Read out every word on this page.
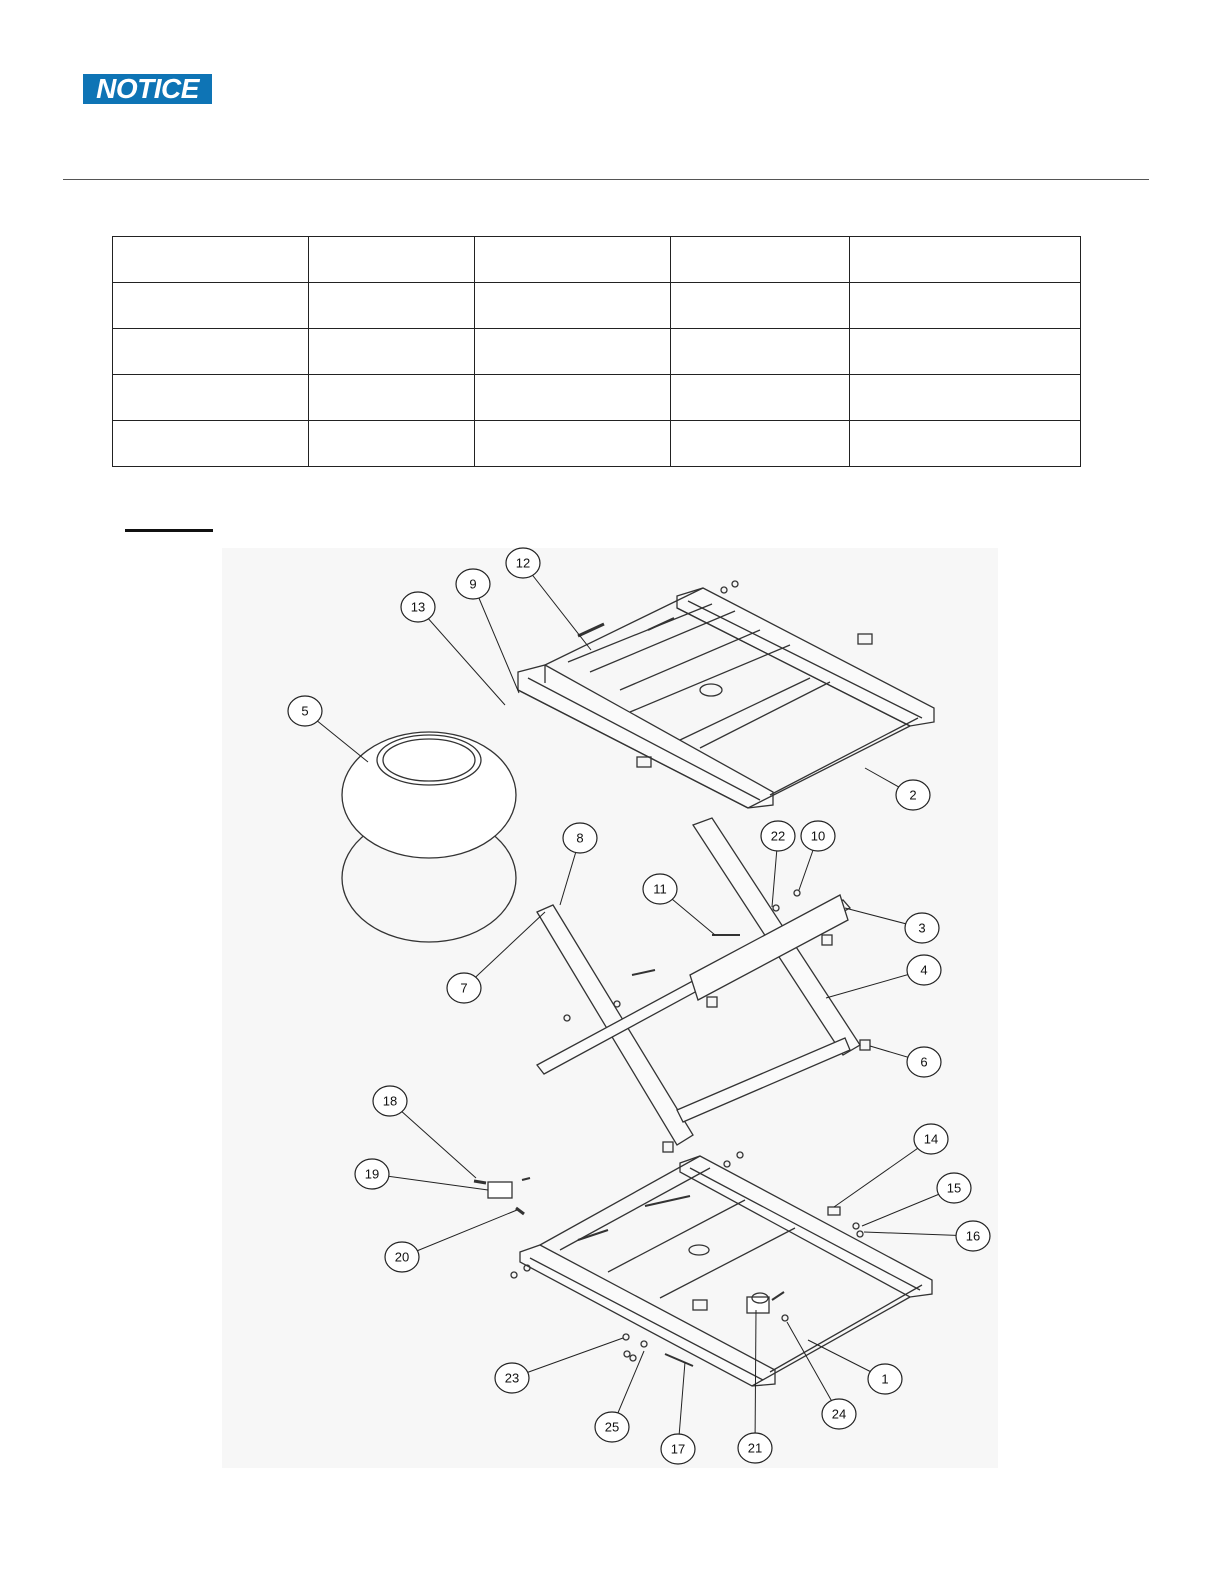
NOTICE

1
2
3
4
5
6
7
8
9
10
11
12
13
14
15
16
17
18
19
20
21
22
23
24
25
